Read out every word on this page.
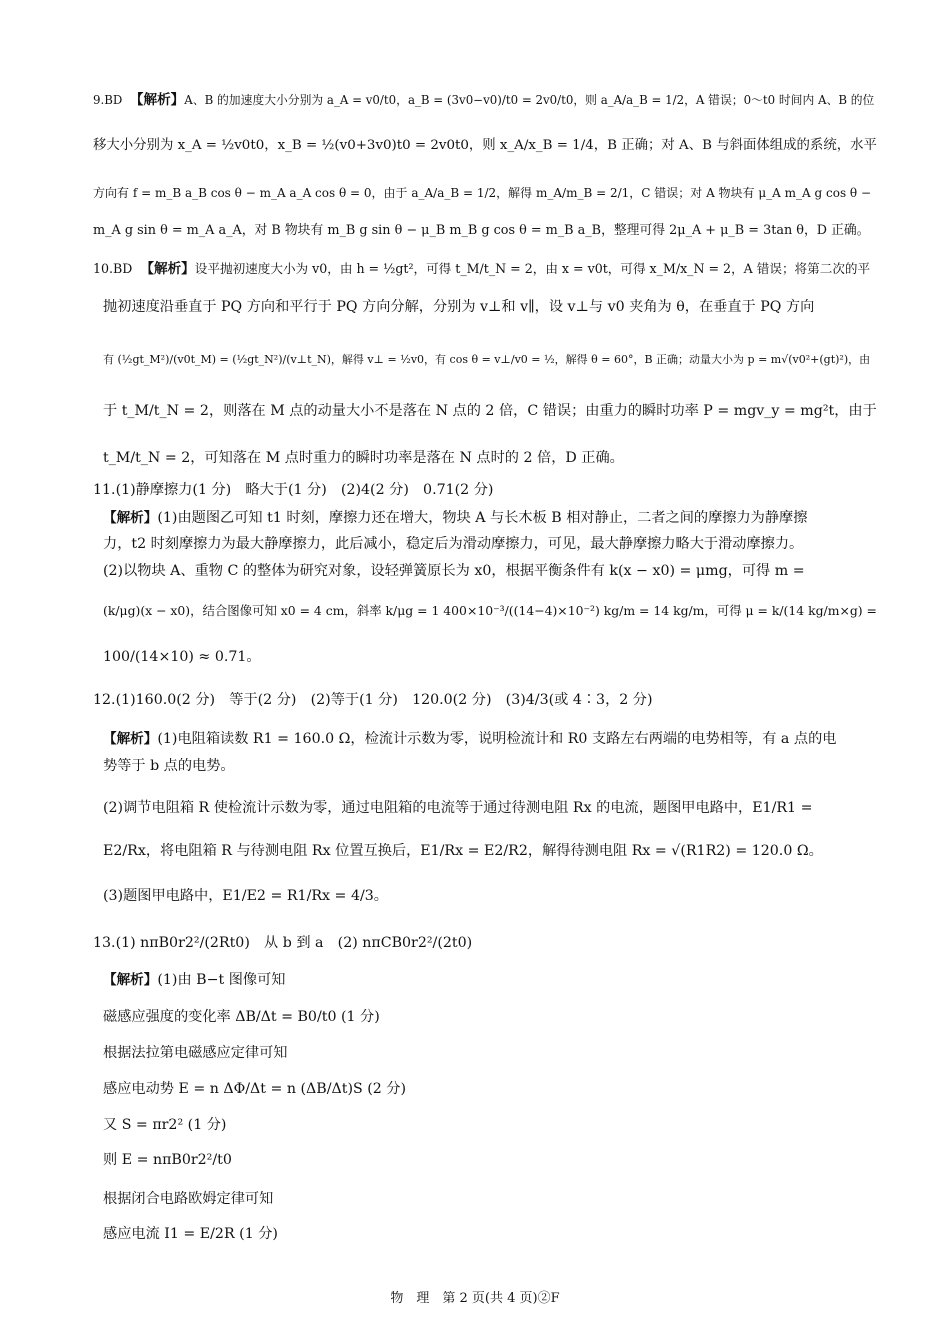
9.BD 【解析】A、B 的加速度大小分别为 a_A = v0/t0，a_B = (3v0−v0)/t0 = 2v0/t0，则 a_A/a_B = 1/2，A 错误；0～t0 时间内 A、B 的位
移大小分别为 x_A = ½v0t0，x_B = ½(v0+3v0)t0 = 2v0t0，则 x_A/x_B = 1/4，B 正确；对 A、B 与斜面体组成的系统，水平
方向有 f = m_B a_B cos θ − m_A a_A cos θ = 0，由于 a_A/a_B = 1/2，解得 m_A/m_B = 2/1，C 错误；对 A 物块有 μ_A m_A g cos θ −
m_A g sin θ = m_A a_A，对 B 物块有 m_B g sin θ − μ_B m_B g cos θ = m_B a_B，整理可得 2μ_A + μ_B = 3tan θ，D 正确。
10.BD 【解析】设平抛初速度大小为 v0，由 h = ½gt²，可得 t_M/t_N = 2，由 x = v0t，可得 x_M/x_N = 2，A 错误；将第二次的平
抛初速度沿垂直于 PQ 方向和平行于 PQ 方向分解，分别为 v⊥和 v∥，设 v⊥与 v0 夹角为 θ，在垂直于 PQ 方向
有 (½gt_M²)/(v0t_M) = (½gt_N²)/(v⊥t_N)，解得 v⊥ = ½v0，有 cos θ = v⊥/v0 = ½，解得 θ = 60°，B 正确；动量大小为 p = m√(v0²+(gt)²)，由
于 t_M/t_N = 2，则落在 M 点的动量大小不是落在 N 点的 2 倍，C 错误；由重力的瞬时功率 P = mgv_y = mg²t，由于
t_M/t_N = 2，可知落在 M 点时重力的瞬时功率是落在 N 点时的 2 倍，D 正确。
11.(1)静摩擦力(1 分)　略大于(1 分)　(2)4(2 分)　0.71(2 分)
【解析】(1)由题图乙可知 t1 时刻，摩擦力还在增大，物块 A 与长木板 B 相对静止，二者之间的摩擦力为静摩擦
力，t2 时刻摩擦力为最大静摩擦力，此后减小，稳定后为滑动摩擦力，可见，最大静摩擦力略大于滑动摩擦力。
(2)以物块 A、重物 C 的整体为研究对象，设轻弹簧原长为 x0，根据平衡条件有 k(x − x0) = μmg，可得 m =
(k/μg)(x − x0)，结合图像可知 x0 = 4 cm，斜率 k/μg = 1 400×10⁻³/((14−4)×10⁻²) kg/m = 14 kg/m，可得 μ = k/(14 kg/m×g) =
100/(14×10) ≈ 0.71。
12.(1)160.0(2 分)　等于(2 分)　(2)等于(1 分)　120.0(2 分)　(3)4/3(或 4∶3，2 分)
【解析】(1)电阻箱读数 R1 = 160.0 Ω，检流计示数为零，说明检流计和 R0 支路左右两端的电势相等，有 a 点的电
势等于 b 点的电势。
(2)调节电阻箱 R 使检流计示数为零，通过电阻箱的电流等于通过待测电阻 Rx 的电流，题图甲电路中，E1/R1 =
E2/Rx，将电阻箱 R 与待测电阻 Rx 位置互换后，E1/Rx = E2/R2，解得待测电阻 Rx = √(R1R2) = 120.0 Ω。
(3)题图甲电路中，E1/E2 = R1/Rx = 4/3。
13.(1) nπB0r2²/(2Rt0)　从 b 到 a　(2) nπCB0r2²/(2t0)
【解析】(1)由 B−t 图像可知
磁感应强度的变化率 ΔB/Δt = B0/t0 (1 分)
根据法拉第电磁感应定律可知
感应电动势 E = n ΔΦ/Δt = n (ΔB/Δt)S (2 分)
又 S = πr2² (1 分)
则 E = nπB0r2²/t0
根据闭合电路欧姆定律可知
感应电流 I1 = E/2R (1 分)
物　理　第 2 页(共 4 页)②F
